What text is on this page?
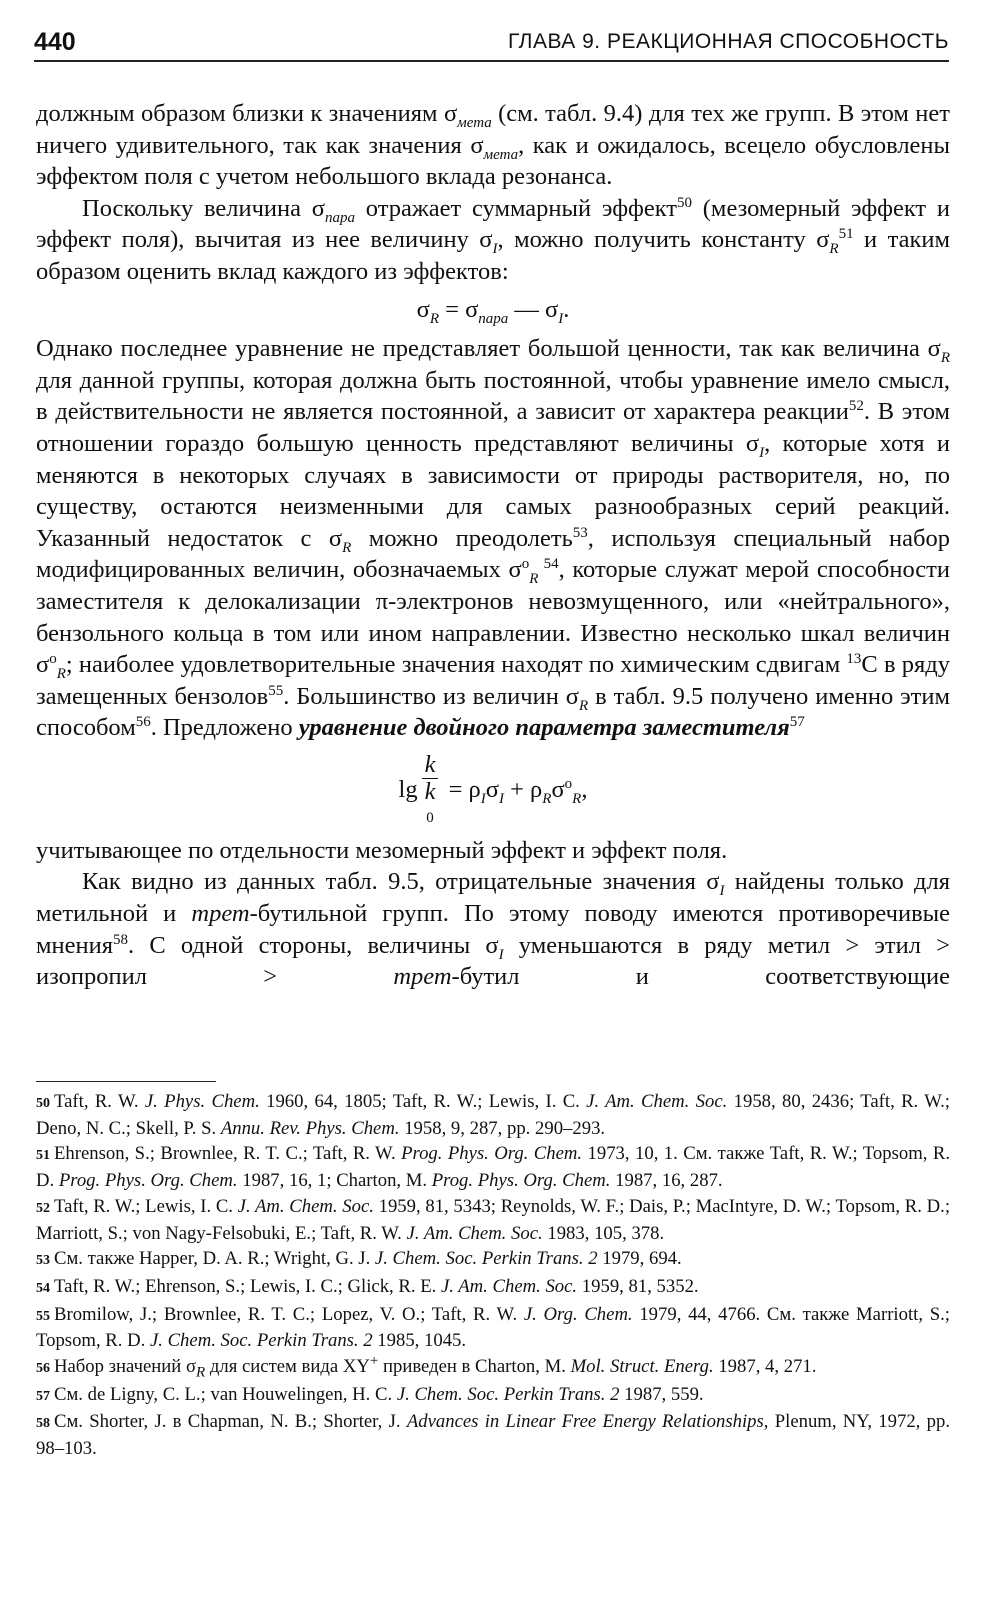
440	ГЛАВА 9. РЕАКЦИОННАЯ СПОСОБНОСТЬ

должным образом близки к значениям $\sigma_{мета}$ (см. табл. 9.4) для тех же групп. В этом нет ничего удивительного, так как значения $\sigma_{мета}$, как и ожидалось, всецело обусловлены эффектом поля с учетом небольшого вклада резонанса.

Поскольку величина $\sigma_{пара}$ отражает суммарный эффект$^{50}$ (мезомерный эффект и эффект поля), вычитая из нее величину $\sigma_I$, можно получить константу $\sigma_R^{51}$ и таким образом оценить вклад каждого из эффектов:

$\sigma_R = \sigma_{пара}$ — $\sigma_I$.

Однако последнее уравнение не представляет большой ценности, так как величина $\sigma_R$ для данной группы, которая должна быть постоянной, чтобы уравнение имело смысл, в действительности не является постоянной, а зависит от характера реакции$^{52}$. В этом отношении гораздо большую ценность представляют величины $\sigma_I$, которые хотя и меняются в некоторых случаях в зависимости от природы растворителя, но, по существу, остаются неизменными для самых разнообразных серий реакций. Указанный недостаток с $\sigma_R$ можно преодолеть$^{53}$, используя специальный набор модифицированных величин, обозначаемых $\sigma^o_R$ $^{54}$, которые служат мерой способности заместителя к делокализации π-электронов невозмущенного, или «нейтрального», бензольного кольца в том или ином направлении. Известно несколько шкал величин $\sigma^o_R$; наиболее удовлетворительные значения находят по химическим сдвигам $^{13}$C в ряду замещенных бензолов$^{55}$. Большинство из величин $\sigma_R$ в табл. 9.5 получено именно этим способом$^{56}$. Предложено уравнение двойного параметра заместителя$^{57}$

lg k
k
$0 = \rho_I\sigma_I + \rho_R\sigma^o_R$,

учитывающее по отдельности мезомерный эффект и эффект поля.

Как видно из данных табл. 9.5, отрицательные значения $\sigma_I$ найдены только для метильной и трет-бутильной групп. По этому поводу имеются противоречивые мнения$^{58}$. С одной стороны, величины $\sigma_I$ уменьшаются в ряду метил > этил > изопропил > трет-бутил и соответствующие

50 Taft, R. W. J. Phys. Chem. 1960, 64, 1805; Taft, R. W.; Lewis, I. C. J. Am. Chem. Soc. 1958, 80, 2436; Taft, R. W.; Deno, N. C.; Skell, P. S. Annu. Rev. Phys. Chem. 1958, 9, 287, pp. 290–293.
51 Ehrenson, S.; Brownlee, R. T. C.; Taft, R. W. Prog. Phys. Org. Chem. 1973, 10, 1. См. также Taft, R. W.; Topsom, R. D. Prog. Phys. Org. Chem. 1987, 16, 1; Charton, M. Prog. Phys. Org. Chem. 1987, 16, 287.
52 Taft, R. W.; Lewis, I. C. J. Am. Chem. Soc. 1959, 81, 5343; Reynolds, W. F.; Dais, P.; MacIntyre, D. W.; Topsom, R. D.; Marriott, S.; von Nagy-Felsobuki, E.; Taft, R. W. J. Am. Chem. Soc. 1983, 105, 378.
53 См. также Happer, D. A. R.; Wright, G. J. J. Chem. Soc. Perkin Trans. 2 1979, 694.
54 Taft, R. W.; Ehrenson, S.; Lewis, I. C.; Glick, R. E. J. Am. Chem. Soc. 1959, 81, 5352.
55 Bromilow, J.; Brownlee, R. T. C.; Lopez, V. O.; Taft, R. W. J. Org. Chem. 1979, 44, 4766. См. также Marriott, S.; Topsom, R. D. J. Chem. Soc. Perkin Trans. 2 1985, 1045.
56 Набор значений $\sigma_R$ для систем вида XY+ приведен в Charton, M. Mol. Struct. Energ. 1987, 4, 271.
57 См. de Ligny, C. L.; van Houwelingen, H. C. J. Chem. Soc. Perkin Trans. 2 1987, 559.
58 См. Shorter, J. в Chapman, N. B.; Shorter, J. Advances in Linear Free Energy Relationships, Plenum, NY, 1972, pp. 98–103.
